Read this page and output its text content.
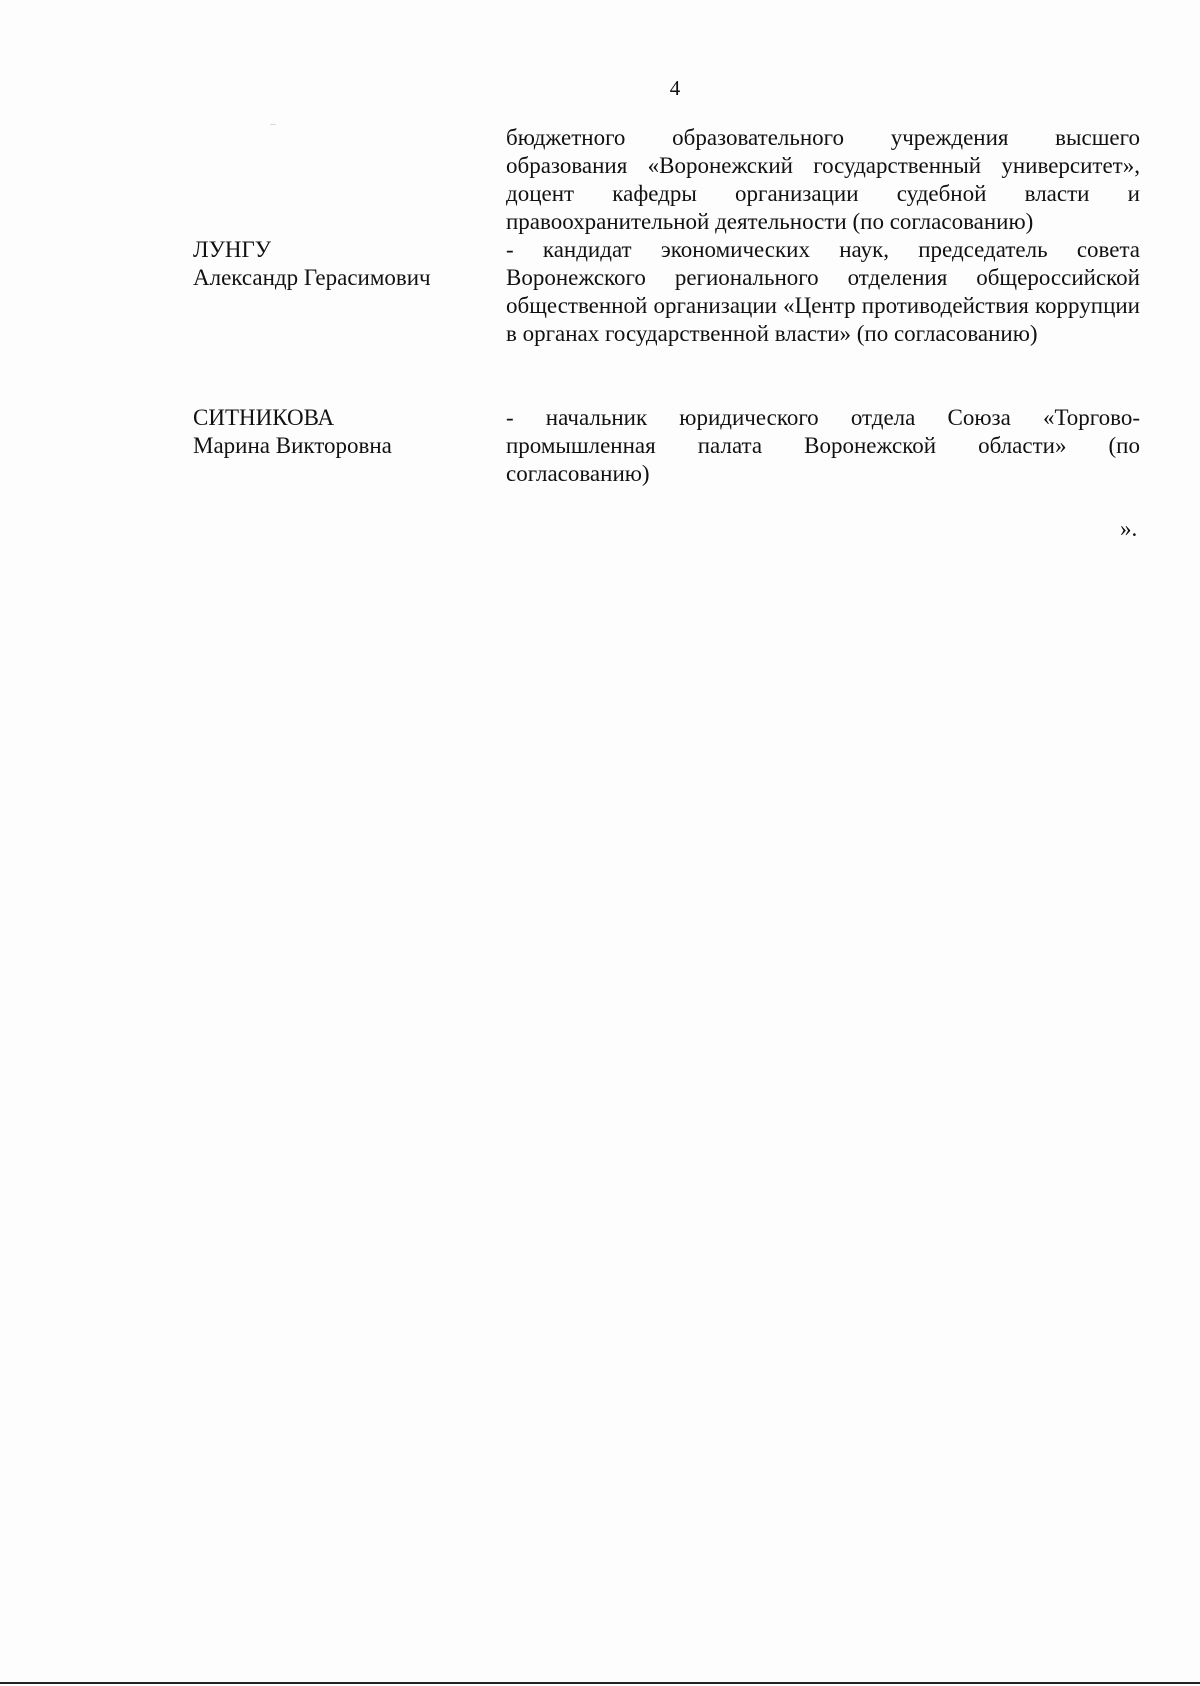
4
бюджетного образовательного учреждения высшего образования «Воронежский государственный университет», доцент кафедры организации судебной власти и правоохранительной деятельности (по согласованию)
ЛУНГУ
Александр Герасимович
- кандидат экономических наук, председатель совета Воронежского регионального отделения общероссийской общественной организации «Центр противодействия коррупции в органах государственной власти» (по согласованию)
СИТНИКОВА
Марина Викторовна
- начальник юридического отдела Союза «Торгово-промышленная палата Воронежской области» (по согласованию)
».
